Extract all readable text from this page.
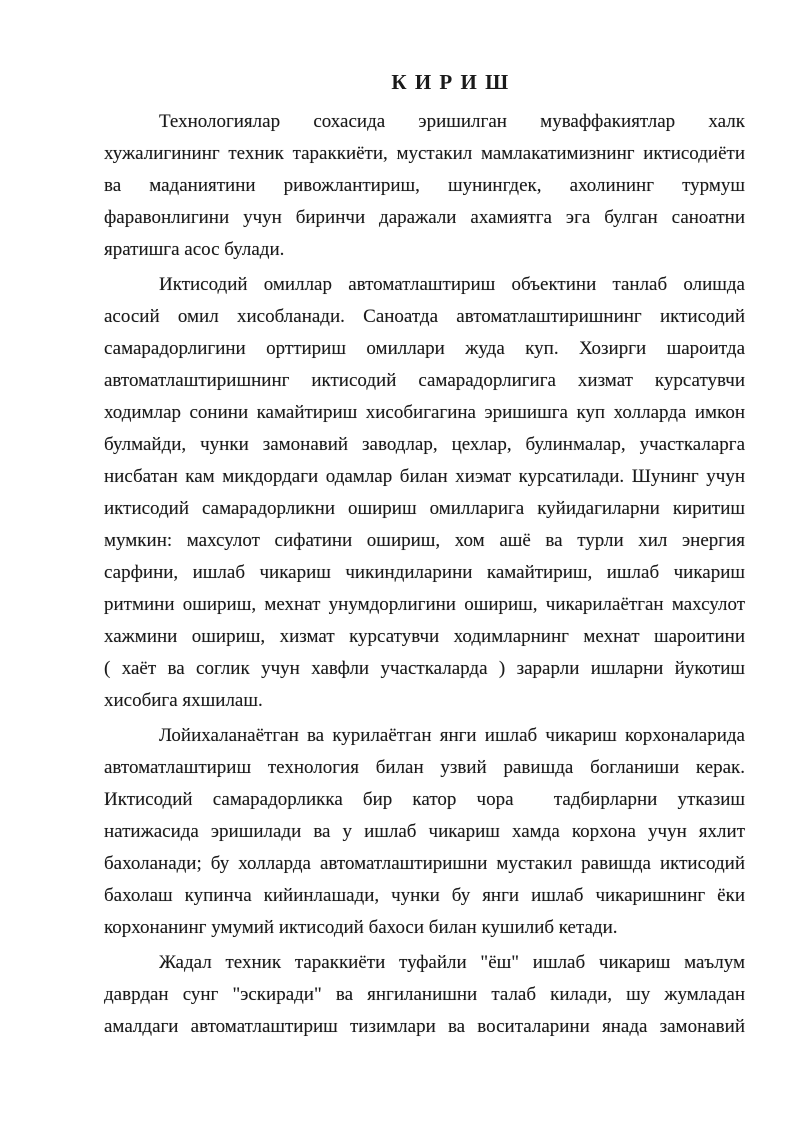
К И Р И Ш
Технологиялар сохасида эришилган муваффакиятлар халк
хужалигининг техник тараккиёти, мустакил мамлакатимизнинг иктисодиёти
ва маданиятини ривожлантириш, шунингдек, ахолининг турмуш
фаравонлигини учун биринчи даражали ахамиятга эга булган саноатни
яратишга асос булади.
Иктисодий омиллар автоматлаштириш объектини танлаб олишда
асосий омил хисобланади. Саноатда автоматлаштиришнинг иктисодий
самарадорлигини орттириш омиллари жуда куп. Хозирги шароитда
автоматлаштиришнинг иктисодий самарадорлигига хизмат курсатувчи
ходимлар сонини камайтириш хисобигагина эришишга куп холларда имкон
булмайди, чунки замонавий заводлар, цехлар, булинмалар, участкаларга
нисбатан кам микдордаги одамлар билан хиэмат курсатилади. Шунинг учун
иктисодий самарадорликни ошириш омилларига куйидагиларни киритиш
мумкин: махсулот сифатини ошириш, хом ашё ва турли хил энергия
сарфини, ишлаб чикариш чикиндиларини камайтириш, ишлаб чикариш
ритмини ошириш, мехнат унумдорлигини ошириш, чикарилаётган махсулот
хажмини ошириш, хизмат курсатувчи ходимларнинг мехнат шароитини
( хаёт ва соглик учун хавфли участкаларда ) зарарли ишларни йукотиш
хисобига яхшилаш.
Лойихаланаётган ва курилаётган янги ишлаб чикариш корхоналарида
автоматлаштириш технология билан узвий равишда богланиши керак.
Иктисодий самарадорликка бир катор чора  тадбирларни утказиш
натижасида эришилади ва у ишлаб чикариш хамда корхона учун яхлит
бахоланади; бу холларда автоматлаштиришни мустакил равишда иктисодий
бахолаш купинча кийинлашади, чунки бу янги ишлаб чикаришнинг ёки
корхонанинг умумий иктисодий бахоси билан кушилиб кетади.
Жадал техник тараккиёти туфайли "ёш" ишлаб чикариш маълум
даврдан сунг "эскиради" ва янгиланишни талаб килади, шу жумладан
амалдаги автоматлаштириш тизимлари ва воситаларини янада замонавий
